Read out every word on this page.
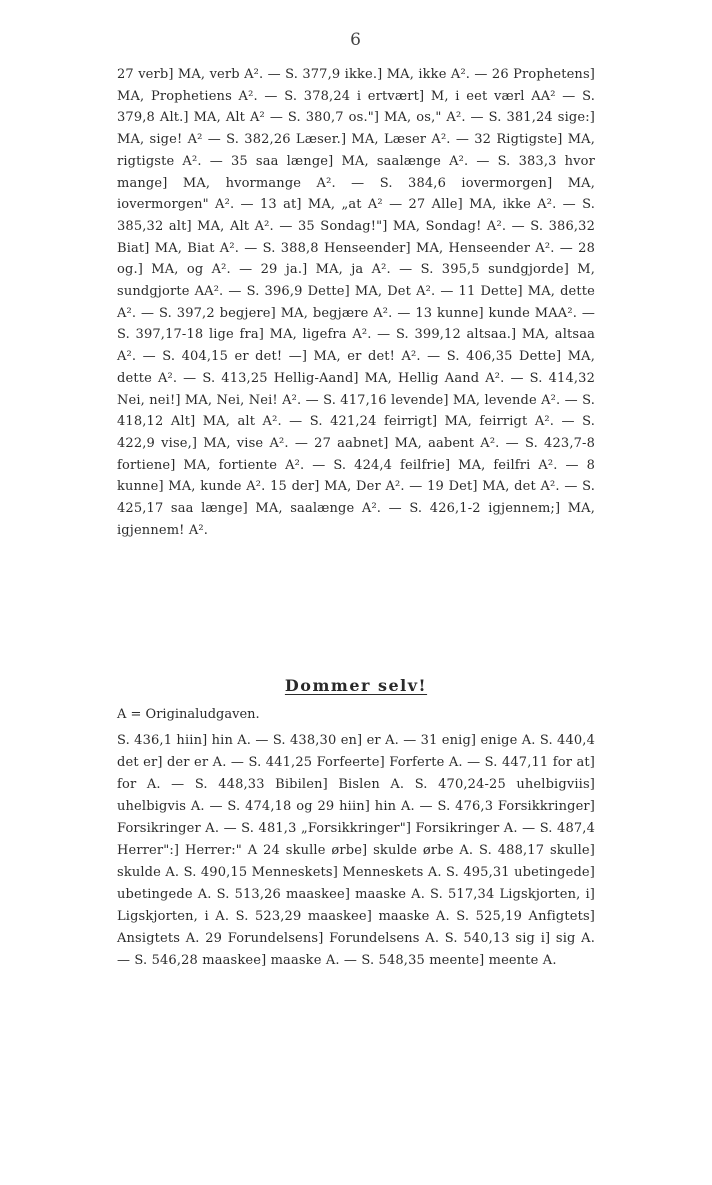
6

27 verb] MA, verb A². — S. 377,9 ikke.] MA, ikke A². — 26 Prophetens] MA, Prophetiens A². — S. 378,24 i ertvært] M, i eet værl AA² — S. 379,8 Alt.] MA, Alt A² — S. 380,7 os."] MA, os," A². — S. 381,24 sige:] MA, sige! A² — S. 382,26 Læser.] MA, Læser A². — 32 Rigtigste] MA, rigtigste A². — 35 saa længe] MA, saalænge A². — S. 383,3 hvor mange] MA, hvormange A². — S. 384,6 iovermorgen] MA, iovermorgen" A². — 13 at] MA, „at A² — 27 Alle] MA, ikke A². — S. 385,32 alt] MA, Alt A². — 35 Sondag!"] MA, Sondag! A². — S. 386,32 Biat] MA, Biat A². — S. 388,8 Henseender] MA, Henseender A². — 28 og.] MA, og A². — 29 ja.] MA, ja A². — S. 395,5 sundgjorde] M, sundgjorte AA². — S. 396,9 Dette] MA, Det A². — 11 Dette] MA, dette A². — S. 397,2 begjere] MA, begjære A². — 13 kunne] kunde MAA². — S. 397,17-18 lige fra] MA, ligefra A². — S. 399,12 altsaa.] MA, altsaa A². — S. 404,15 er det! —] MA, er det! A². — S. 406,35 Dette] MA, dette A². — S. 413,25 Hellig-Aand] MA, Hellig Aand A². — S. 414,32 Nei, nei!] MA, Nei, Nei! A². — S. 417,16 levende] MA, levende A². — S. 418,12 Alt] MA, alt A². — S. 421,24 feirrigt] MA, feirrigt A². — S. 422,9 vise,] MA, vise A². — 27 aabnet] MA, aabent A². — S. 423,7-8 fortiene] MA, fortiente A². — S. 424,4 feilfrie] MA, feilfri A². — 8 kunne] MA, kunde A². 15 der] MA, Der A². — 19 Det] MA, det A². — S. 425,17 saa længe] MA, saalænge A². — S. 426,1-2 igjennem;] MA, igjennem! A².

Dommer selv!

A = Originaludgaven.

S. 436,1 hiin] hin A. — S. 438,30 en] er A. — 31 enig] enige A. S. 440,4 det er] der er A. — S. 441,25 Forfeerte] Forferte A. — S. 447,11 for at] for A. — S. 448,33 Bibilen] Bislen A. S. 470,24-25 uhelbigviis] uhelbigvis A. — S. 474,18 og 29 hiin] hin A. — S. 476,3 Forsikkringer] Forsikringer A. — S. 481,3 „Forsikkringer"] Forsikringer A. — S. 487,4 Herrer":] Herrer:" A 24 skulle ørbe] skulde ørbe A. S. 488,17 skulle] skulde A. S. 490,15 Menneskets] Menneskets A. S. 495,31 ubetingede] ubetingede A. S. 513,26 maaskee] maaske A. S. 517,34 Ligskjorten, i] Ligskjorten, i A. S. 523,29 maaskee] maaske A. S. 525,19 Anfigtets] Ansigtets A. 29 Forundelsens] Forundelsens A. S. 540,13 sig i] sig A. — S. 546,28 maaskee] maaske A. — S. 548,35 meente] meente A.
